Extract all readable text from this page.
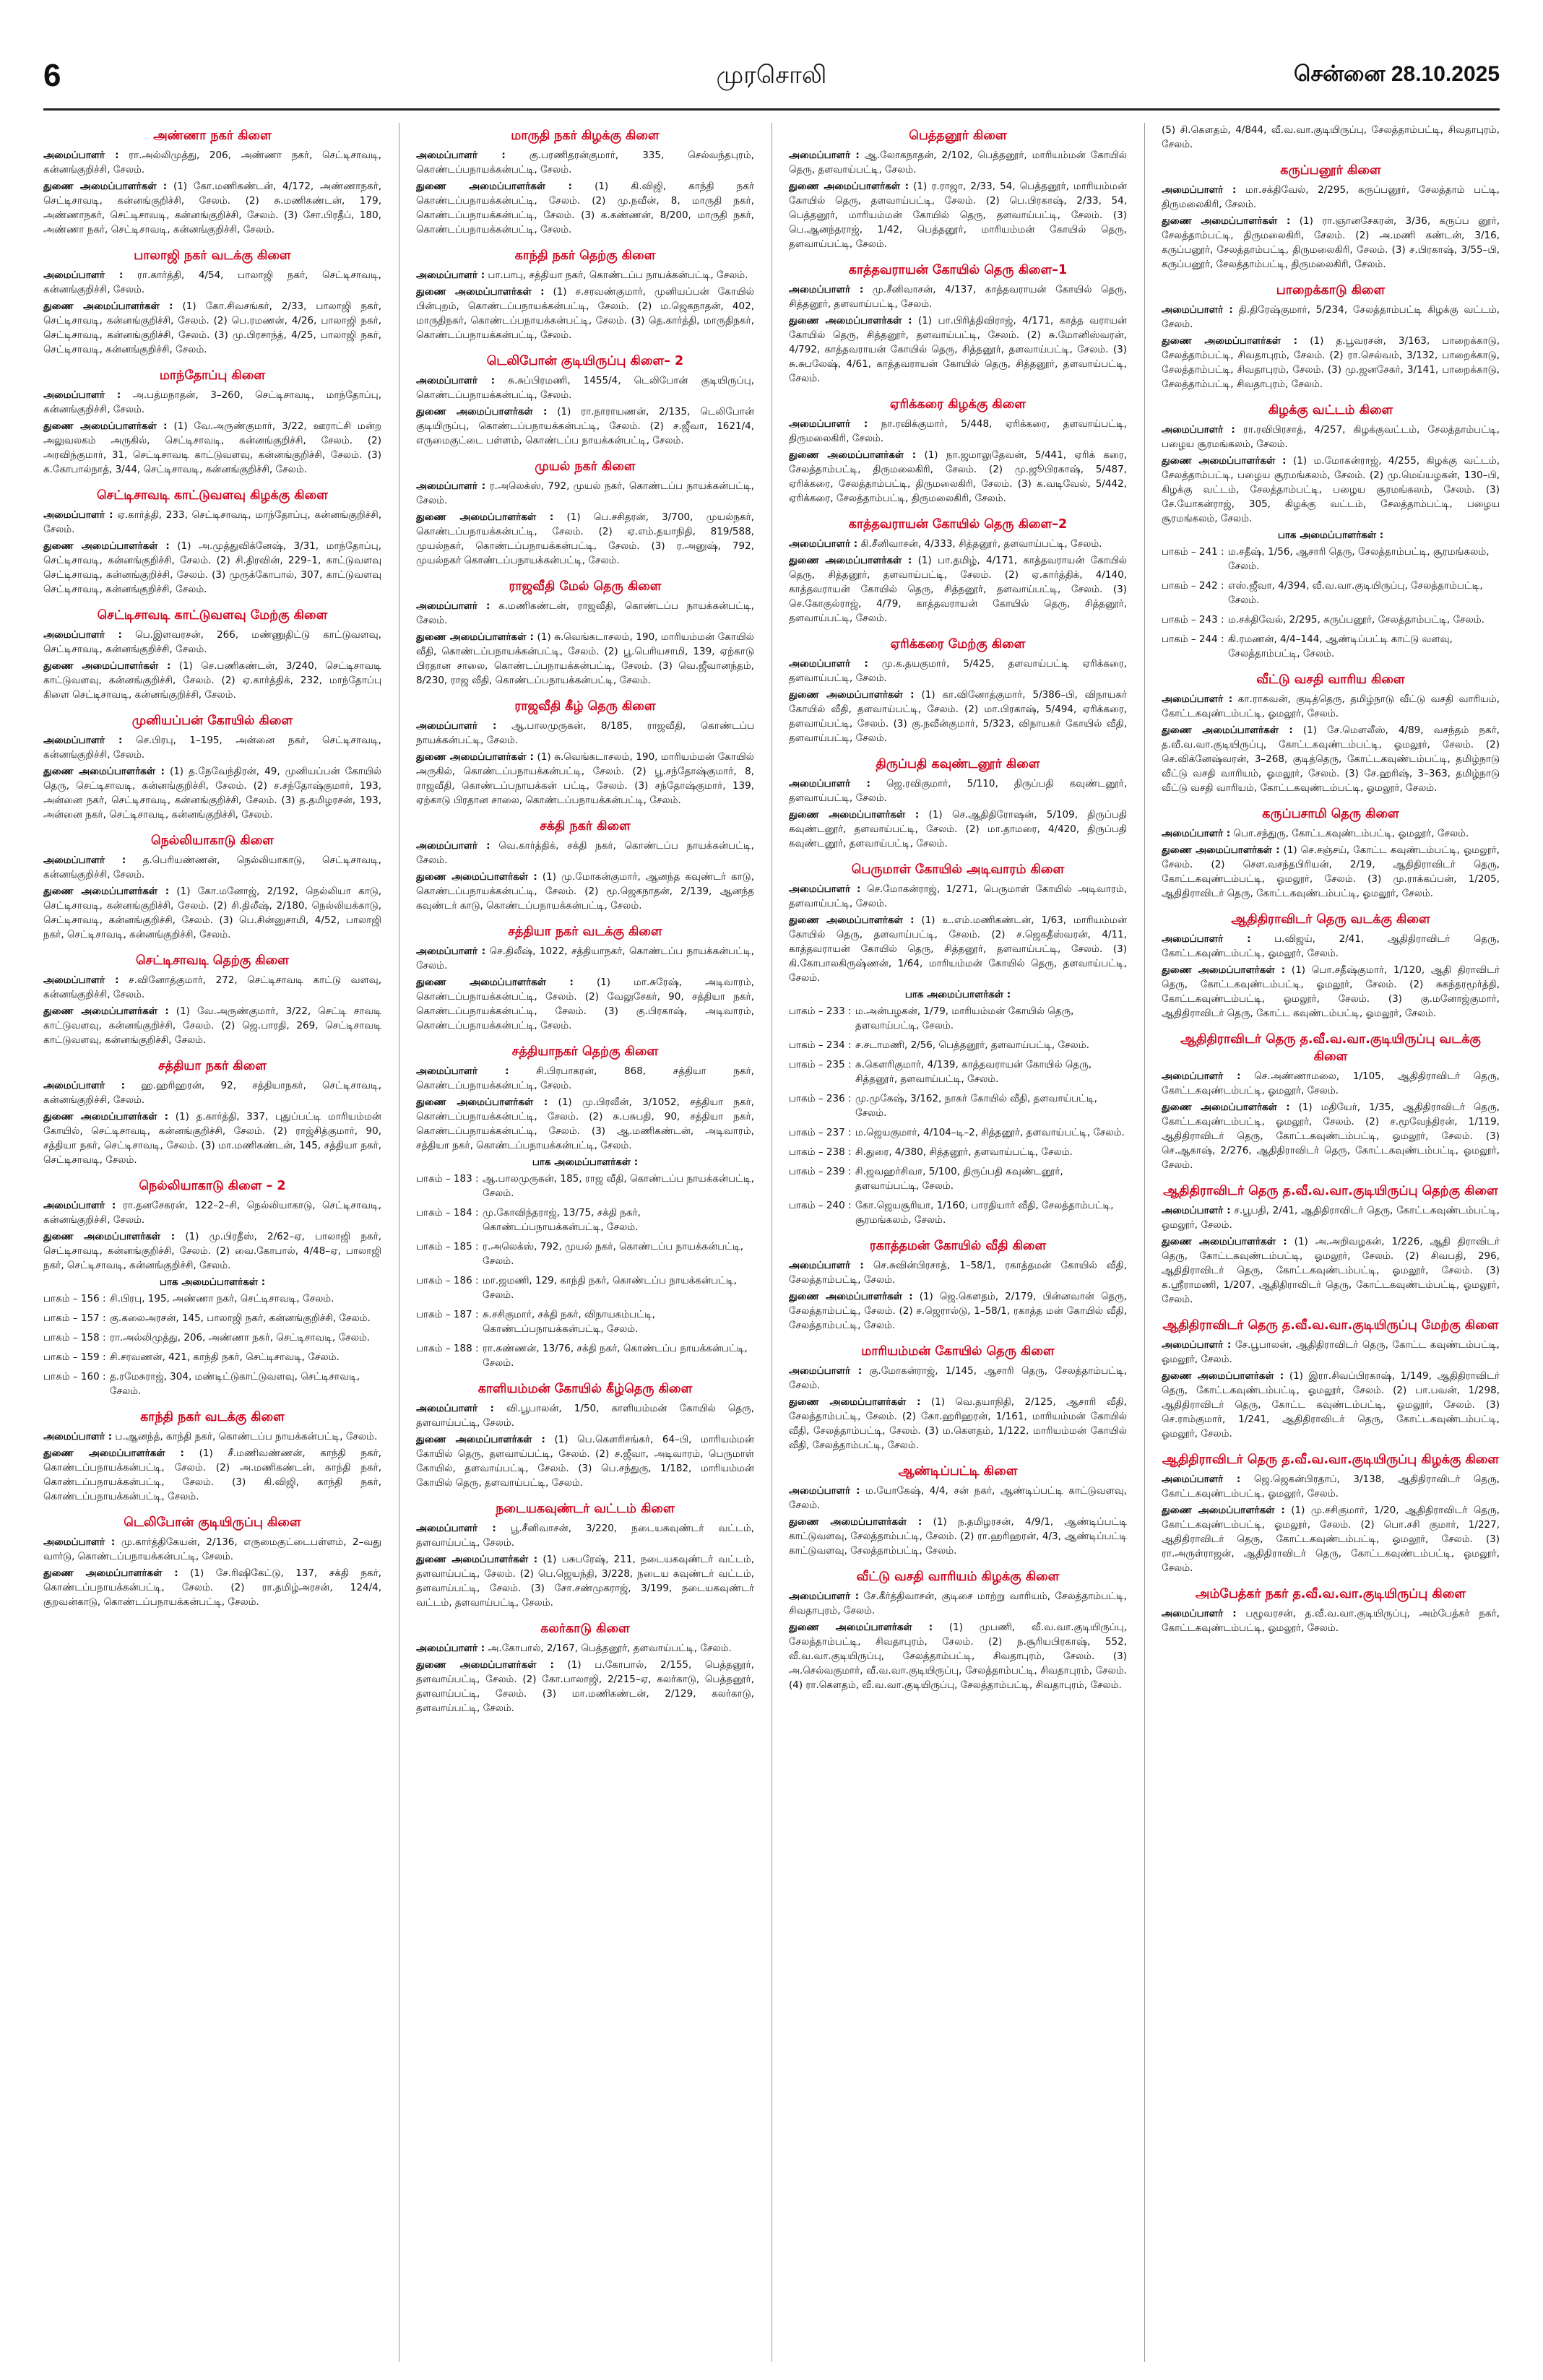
6	முரசொலி	சென்னை 28.10.2025
அண்ணா நகர் கிளை
அமைப்பாளர் : ரா.அல்லிமுத்து, 206, அண்ணா நகர், செட்டிசாவடி, கன்னங்குறிச்சி, சேலம்.
துணை அமைப்பாளர்கள் : (1) கோ.மணிகண்டன், 4/172, அண்ணாநகர், செட்டிசாவடி, கன்னங்குறிச்சி, சேலம். (2) சு.மணிகண்டன், 179, அண்ணாநகர், செட்டிசாவடி, கன்னங்குறிச்சி, சேலம். (3) சோ.பிரதீப், 180, அண்ணா நகர், செட்டிசாவடி, கன்னங்குறிச்சி, சேலம்.
பாலாஜி நகர் வடக்கு கிளை
அமைப்பாளர் : ரா.கார்த்தி, 4/54, பாலாஜி நகர், செட்டிசாவடி, கன்னங்குறிச்சி, சேலம்.
துணை அமைப்பாளர்கள் : (1) கோ.சிவசங்கர், 2/33, பாலாஜி நகர், செட்டிசாவடி, கன்னங்குறிச்சி, சேலம். (2) பெ.ரமணன், 4/26, பாலாஜி நகர், செட்டிசாவடி, கன்னங்குறிச்சி, சேலம். (3) மு.பிரசாந்த், 4/25, பாலாஜி நகர், செட்டிசாவடி, கன்னங்குறிச்சி, சேலம்.
மாந்தோப்பு கிளை
அமைப்பாளர் : அ.பத்மநாதன், 3–260, செட்டிசாவடி, மாந்தோப்பு, கன்னங்குறிச்சி, சேலம்.
துணை அமைப்பாளர்கள் : (1) வே.அருண்குமார், 3/22, ஊராட்சி மன்ற அலுவலகம் அருகில், செட்டிசாவடி, கன்னங்குறிச்சி, சேலம். (2) அரவிந்குமார், 31, செட்டிசாவடி காட்டுவளவு, கன்னங்குறிச்சி, சேலம். (3) க.கோபால்நாத், 3/44, செட்டிசாவடி, கன்னங்குறிச்சி, சேலம்.
செட்டிசாவடி காட்டுவளவு கிழக்கு கிளை
அமைப்பாளர் : ஏ.கார்த்தி, 233, செட்டிசாவடி, மாந்தோப்பு, கன்னங்குறிச்சி, சேலம்.
துணை அமைப்பாளர்கள் : (1) அ.முத்துவிக்னேஷ், 3/31, மாந்தோப்பு, செட்டிசாவடி, கன்னங்குறிச்சி, சேலம். (2) சி.திரவின், 229–1, காட்டுவளவு செட்டிசாவடி, கன்னங்குறிச்சி, சேலம். (3) முருக்கோபால், 307, காட்டுவளவு செட்டிசாவடி, கன்னங்குறிச்சி, சேலம்.
செட்டிசாவடி காட்டுவளவு மேற்கு கிளை
அமைப்பாளர் : பெ.இளவரசன், 266, மண்ணுதிட்டு காட்டுவளவு, செட்டிசாவடி, கன்னங்குறிச்சி, சேலம்.
துணை அமைப்பாளர்கள் : (1) செ.பணிகண்டன், 3/240, செட்டிசாவடி காட்டுவளவு, கன்னங்குறிச்சி, சேலம். (2) ஏ.கார்த்திக், 232, மாந்தோப்பு கிளை செட்டிசாவடி, கன்னங்குறிச்சி, சேலம்.
முனியப்பன் கோயில் கிளை
அமைப்பாளர் : செ.பிரபு, 1–195, அன்னை நகர், செட்டிசாவடி, கன்னங்குறிச்சி, சேலம்.
துணை அமைப்பாளர்கள் : (1) த.நேவேந்திரன், 49, முனியப்பன் கோயில் தெரு, செட்டிசாவடி, கன்னங்குறிச்சி, சேலம். (2) ச.சந்தோஷ்குமார், 193, அன்னை நகர், செட்டிசாவடி, கன்னங்குறிச்சி, சேலம். (3) த.தமிழரசன், 193, அன்னை நகர், செட்டிசாவடி, கன்னங்குறிச்சி, சேலம்.
நெல்லியாகாடு கிளை
அமைப்பாளர் : த.பெரியண்ணன், நெல்லியாகாடு, செட்டிசாவடி, கன்னங்குறிச்சி, சேலம்.
துணை அமைப்பாளர்கள் : (1) கோ.மனோஜ், 2/192, நெல்லியா காடு, செட்டிசாவடி, கன்னங்குறிச்சி, சேலம். (2) சி.திலீஷ், 2/180, நெல்லியக்காடு, செட்டிசாவடி, கன்னங்குறிச்சி, சேலம். (3) பெ.சின்னுசாமி, 4/52, பாலாஜி நகர், செட்டிசாவடி, கன்னங்குறிச்சி, சேலம்.
செட்டிசாவடி தெற்கு கிளை
அமைப்பாளர் : ச.வினோத்குமார், 272, செட்டிசாவடி காட்டு வளவு, கன்னங்குறிச்சி, சேலம்.
துணை அமைப்பாளர்கள் : (1) வே.அருண்குமார், 3/22, செட்டி சாவடி காட்டுவளவு, கன்னங்குறிச்சி, சேலம். (2) ஜெ.பாரதி, 269, செட்டிசாவடி காட்டுவளவு, கன்னங்குறிச்சி, சேலம்.
சத்தியா நகர் கிளை
அமைப்பாளர் : ஹ.ஹரிஹரன், 92, சத்தியாநகர், செட்டிசாவடி, கன்னங்குறிச்சி, சேலம்.
துணை அமைப்பாளர்கள் : (1) த.கார்த்தி, 337, புதுப்பட்டி மாரியம்மன் கோயில், செட்டிசாவடி, கன்னங்குறிச்சி, சேலம். (2) ராஜ்சித்குமார், 90, சத்தியா நகர், செட்டிசாவடி, சேலம். (3) மா.மணிகண்டன், 145, சத்தியா நகர், செட்டிசாவடி, சேலம்.
நெல்லியாகாடு கிளை – 2
அமைப்பாளர் : ரா.தனசேகரன், 122–2–சி, நெல்லியாகாடு, செட்டிசாவடி, கன்னங்குறிச்சி, சேலம்.
துணை அமைப்பாளர்கள் : (1) மு.பிரதீஸ், 2/62–ஏ, பாலாஜி நகர், செட்டிசாவடி, கன்னங்குறிச்சி, சேலம். (2) வை.கோபால், 4/48–ஏ, பாலாஜி நகர், செட்டிசாவடி, கன்னங்குறிச்சி, சேலம்.
பாக அமைப்பாளர்கள் :
பாகம் – 156 : சி.பிரபு, 195, அண்ணா நகர், செட்டிசாவடி, சேலம்.
பாகம் – 157 : கு.கலைஅரசன், 145, பாலாஜி நகர், கன்னங்குறிச்சி, சேலம்.
பாகம் – 158 : ரா.அல்லிமுத்து, 206, அண்ணா நகர், செட்டிசாவடி, சேலம்.
பாகம் – 159 : சி.சரவணன், 421, காந்தி நகர், செட்டிசாவடி, சேலம்.
பாகம் – 160 : த.ரமேசுராஜ், 304, மண்டிட்டுகாட்டுவளவு, செட்டிசாவடி, சேலம்.
காந்தி நகர் வடக்கு கிளை
அமைப்பாளர் : ப.ஆனந்த், காந்தி நகர், கொண்டப்ப நாயக்கன்பட்டி, சேலம்.
துணை அமைப்பாளர்கள் : (1) சீ.மணிவண்ணன், காந்தி நகர், கொண்டப்பநாயக்கன்பட்டி, சேலம். (2) அ.மணிகண்டன், காந்தி நகர், கொண்டப்பநாயக்கன்பட்டி, சேலம். (3) கி.விஜி, காந்தி நகர், கொண்டப்பநாயக்கன்பட்டி, சேலம்.
டெலிபோன் குடியிருப்பு கிளை
அமைப்பாளர் : மு.கார்த்திகேயன், 2/136, எருமைகுட்டைபள்ளம், 2–வது வார்டு, கொண்டப்பநாயக்கன்பட்டி, சேலம்.
துணை அமைப்பாளர்கள் : (1) சே.ரிஷிகேட்டு, 137, சக்தி நகர், கொண்டப்பநாயக்கன்பட்டி, சேலம். (2) ரா.தமிழ்அரசன், 124/4, குறவன்காடு, கொண்டப்பநாயக்கன்பட்டி, சேலம்.
மாருதி நகர் கிழக்கு கிளை
அமைப்பாளர் : கு.பரணிதரன்குமார், 335, செல்வந்தபுரம், கொண்டப்பநாயக்கன்பட்டி, சேலம்.
துணை அமைப்பாளர்கள் : (1) கி.விஜி, காந்தி நகர் கொண்டப்பநாயக்கன்பட்டி, சேலம். (2) மு.நவீன், 8, மாருதி நகர், கொண்டப்பநாயக்கன்பட்டி, சேலம். (3) க.கண்ணன், 8/200, மாருதி நகர், கொண்டப்பநாயக்கன்பட்டி, சேலம்.
காந்தி நகர் தெற்கு கிளை
அமைப்பாளர் : பா.பாபு, சத்தியா நகர், கொண்டப்ப நாயக்கன்பட்டி, சேலம்.
துணை அமைப்பாளர்கள் : (1) ச.சரவண்குமார், முனியப்பன் கோயில் பின்புறம், கொண்டப்பநாயக்கன்பட்டி, சேலம். (2) ம.ஜெகநாதன், 402, மாருதிநகர், கொண்டப்பநாயக்கன்பட்டி, சேலம். (3) தெ.கார்த்தி, மாருதிநகர், கொண்டப்பநாயக்கன்பட்டி, சேலம்.
டெலிபோன் குடியிருப்பு கிளை– 2
அமைப்பாளர் : சு.சுப்பிரமணி, 1455/4, டெலிபோன் குடியிருப்பு, கொண்டப்பநாயக்கன்பட்டி, சேலம்.
துணை அமைப்பாளர்கள் : (1) ரா.நாராயணன், 2/135, டெலிபோன் குடியிருப்பு, கொண்டப்பநாயக்கன்பட்டி, சேலம். (2) ச.ஜீவா, 1621/4, எருமைகுட்டை பள்ளம், கொண்டப்ப நாயக்கன்பட்டி, சேலம்.
முயல் நகர் கிளை
அமைப்பாளர் : ர.அலெக்ஸ், 792, முயல் நகர், கொண்டப்ப நாயக்கன்பட்டி, சேலம்.
துணை அமைப்பாளர்கள் : (1) பெ.சசிதரன், 3/700, முயல்நகர், கொண்டப்பநாயக்கன்பட்டி, சேலம். (2) ஏ.எம்.தயாநிதி, 819/588, முயல்நகர், கொண்டப்பநாயக்கன்பட்டி, சேலம். (3) ர.அனுஷ், 792, முயல்நகர் கொண்டப்பநாயக்கன்பட்டி, சேலம்.
ராஜவீதி மேல் தெரு கிளை
அமைப்பாளர் : க.மணிகண்டன், ராஜவீதி, கொண்டப்ப நாயக்கன்பட்டி, சேலம்.
துணை அமைப்பாளர்கள் : (1) சு.வெங்கடாசலம், 190, மாரியம்மன் கோயில் வீதி, கொண்டப்பநாயக்கன்பட்டி, சேலம். (2) பூ.பெரியசாமி, 139, ஏற்காடு பிரதான சாலை, கொண்டப்பநாயக்கன்பட்டி, சேலம். (3) வெ.ஜீவானந்தம், 8/230, ராஜ வீதி, கொண்டப்பநாயக்கன்பட்டி, சேலம்.
ராஜவீதி கீழ் தெரு கிளை
அமைப்பாளர் : ஆ.பாலமுருகன், 8/185, ராஜவீதி, கொண்டப்ப நாயக்கன்பட்டி, சேலம்.
துணை அமைப்பாளர்கள் : (1) சு.வெங்கடாசலம், 190, மாரியம்மன் கோயில் அருகில், கொண்டப்பநாயக்கன்பட்டி, சேலம். (2) பூ.சந்தோஷ்குமார், 8, ராஜவீதி, கொண்டப்பநாயக்கன் பட்டி, சேலம். (3) சந்தோஷ்குமார், 139, ஏற்காடு பிரதான சாலை, கொண்டப்பநாயக்கன்பட்டி, சேலம்.
சக்தி நகர் கிளை
அமைப்பாளர் : வெ.கார்த்திக், சக்தி நகர், கொண்டப்ப நாயக்கன்பட்டி, சேலம்.
துணை அமைப்பாளர்கள் : (1) மு.மோகன்குமார், ஆனந்த கவுண்டர் காடு, கொண்டப்பநாயக்கன்பட்டி, சேலம். (2) மூ.ஜெகநாதன், 2/139, ஆனந்த கவுண்டர் காடு, கொண்டப்பநாயக்கன்பட்டி, சேலம்.
சத்தியா நகர் வடக்கு கிளை
அமைப்பாளர் : செ.திலீஷ், 1022, சத்தியாநகர், கொண்டப்ப நாயக்கன்பட்டி, சேலம்.
துணை அமைப்பாளர்கள் : (1) மா.சுரேஷ், அடிவாரம், கொண்டப்பநாயக்கன்பட்டி, சேலம். (2) வேலுசேகர், 90, சத்தியா நகர், கொண்டப்பநாயக்கன்பட்டி, சேலம். (3) கு.பிரகாஷ், அடிவாரம், கொண்டப்பநாயக்கன்பட்டி, சேலம்.
சத்தியாநகர் தெற்கு கிளை
அமைப்பாளர் :	சி.பிரபாகரன், 868, சத்தியா நகர், கொண்டப்பநாயக்கன்பட்டி, சேலம்.
துணை அமைப்பாளர்கள் : (1) மு.பிரவீன், 3/1052, சத்தியா நகர், கொண்டப்பநாயக்கன்பட்டி, சேலம். (2) சு.பசுபதி, 90, சத்தியா நகர், கொண்டப்பநாயக்கன்பட்டி, சேலம். (3) ஆ.மணிகண்டன், அடிவாரம், சத்தியா நகர், கொண்டப்பநாயக்கன்பட்டி, சேலம்.
பாக அமைப்பாளர்கள் :
பாகம் – 183 : ஆ.பாலமுருகன், 185, ராஜ வீதி, கொண்டப்ப நாயக்கன்பட்டி, சேலம்.
பாகம் – 184 : மு.கோவிந்தராஜ், 13/75, சக்தி நகர், கொண்டப்பநாயக்கன்பட்டி, சேலம்.
பாகம் – 185 : ர.அலெக்ஸ், 792, முயல் நகர், கொண்டப்ப நாயக்கன்பட்டி, சேலம்.
பாகம் – 186 : மா.ஜமணி, 129, காந்தி நகர், கொண்டப்ப நாயக்கன்பட்டி, சேலம்.
பாகம் – 187 : சு.சசிகுமார், சக்தி நகர், விநாயகம்பட்டி, கொண்டப்பநாயக்கன்பட்டி, சேலம்.
பாகம் – 188 : ரா.கண்ணன், 13/76, சக்தி நகர், கொண்டப்ப நாயக்கன்பட்டி, சேலம்.
காளியம்மன் கோயில் கீழ்தெரு கிளை
அமைப்பாளர் : வி.பூபாலன், 1/50, காளியம்மன் கோயில் தெரு, தளவாய்பட்டி, சேலம்.
துணை அமைப்பாளர்கள் : (1) பெ.கௌரிசங்கர், 64–பி, மாரியம்மன் கோயில் தெரு, தளவாய்பட்டி, சேலம். (2) ச.ஜீவா, அடிவாரம், பெருமாள் கோயில், தளவாய்பட்டி, சேலம். (3) பெ.சந்துரு, 1/182, மாரியம்மன் கோயில் தெரு, தளவாய்பட்டி, சேலம்.
நடையகவுண்டர் வட்டம் கிளை
அமைப்பாளர் : பூ.சீனிவாசன், 3/220, நடையகவுண்டர் வட்டம், தளவாய்பட்டி, சேலம்.
துணை அமைப்பாளர்கள் : (1) பசுபரேஷ், 211, நடையகவுண்டர் வட்டம், தளவாய்பட்டி, சேலம். (2) பெ.ஜெயந்தி, 3/228, நடைய கவுண்டர் வட்டம், தளவாய்பட்டி, சேலம். (3) சோ.சண்முகராஜ், 3/199, நடையகவுண்டர் வட்டம், தளவாய்பட்டி, சேலம்.
கலர்காடு கிளை
அமைப்பாளர் : அ.கோபால், 2/167, பெத்தனூர், தளவாய்பட்டி, சேலம்.
துணை அமைப்பாளர்கள் : (1) ப.கோபால், 2/155, பெத்தனூர், தளவாய்பட்டி, சேலம். (2) கோ.பாலாஜி, 2/215–ஏ, கலர்காடு, பெத்தனூர், தளவாய்பட்டி, சேலம். (3) மா.மணிகண்டன், 2/129, கலர்காடு, தளவாய்பட்டி, சேலம்.
பெத்தனூர் கிளை
அமைப்பாளர் : ஆ.லோகநாதன், 2/102, பெத்தனூர், மாரியம்மன் கோயில் தெரு, தளவாய்பட்டி, சேலம்.
துணை அமைப்பாளர்கள் : (1) ர.ராஜா, 2/33, 54, பெத்தனூர், மாரியம்மன் கோயில் தெரு, தளவாய்பட்டி, சேலம். (2) பெ.பிரகாஷ், 2/33, 54, பெத்தனூர், மாரியம்மன் கோயில் தெரு, தளவாய்பட்டி, சேலம். (3) பெ.ஆனந்தராஜ், 1/42, பெத்தனூர், மாரியம்மன் கோயில் தெரு, தளவாய்பட்டி, சேலம்.
காத்தவராயன் கோயில் தெரு கிளை–1
அமைப்பாளர் : மு.சீனிவாசன், 4/137, காத்தவராயன் கோயில் தெரு, சித்தனூர், தளவாய்பட்டி, சேலம்.
துணை அமைப்பாளர்கள் : (1) பா.பிரித்திவிராஜ், 4/171, காத்த வராயன் கோயில் தெரு, சித்தனூர், தளவாய்பட்டி, சேலம். (2) சு.மோனிஸ்வரன், 4/792, காத்தவராயன் கோயில் தெரு, சித்தனூர், தளவாய்பட்டி, சேலம். (3) சு.சுபலேஷ், 4/61, காத்தவராயன் கோயில் தெரு, சித்தனூர், தளவாய்பட்டி, சேலம்.
ஏரிக்கரை கிழக்கு கிளை
அமைப்பாளர் : நா.ரவிக்குமார், 5/448, ஏரிக்கரை, தளவாய்பட்டி, திருமலைகிரி, சேலம்.
துணை அமைப்பாளர்கள் : (1) நா.ஜமாலுதேவன், 5/441, ஏரிக் கரை, சேலத்தாம்பட்டி, திருமலைகிரி, சேலம். (2) மு.ஜூபிரகாஷ், 5/487, ஏரிக்கரை, சேலத்தாம்பட்டி, திருமலைகிரி, சேலம். (3) க.வடிவேல், 5/442, ஏரிக்கரை, சேலத்தாம்பட்டி, திருமலைகிரி, சேலம்.
காத்தவராயன் கோயில் தெரு கிளை–2
அமைப்பாளர் : கி.சீனிவாசன், 4/333, சித்தனூர், தளவாய்பட்டி, சேலம்.
துணை அமைப்பாளர்கள் : (1) பா.தமிழ், 4/171, காத்தவராயன் கோயில் தெரு, சித்தனூர், தளவாய்பட்டி, சேலம். (2) ஏ.கார்த்திக், 4/140, காத்தவராயன் கோயில் தெரு, சித்தனூர், தளவாய்பட்டி, சேலம். (3) செ.கோகுல்ராஜ், 4/79, காத்தவராயன் கோயில் தெரு, சித்தனூர், தளவாய்பட்டி, சேலம்.
ஏரிக்கரை மேற்கு கிளை
அமைப்பாளர் : மு.க.தயகுமார், 5/425, தளவாய்பட்டி ஏரிக்கரை, தளவாய்பட்டி, சேலம்.
துணை அமைப்பாளர்கள் : (1) கா.வினோத்குமார், 5/386–பி, விநாயகர் கோயில் வீதி, தளவாய்பட்டி, சேலம். (2) மா.பிரகாஷ், 5/494, ஏரிக்கரை, தளவாய்பட்டி, சேலம். (3) கு.நவீன்குமார், 5/323, விநாயகர் கோயில் வீதி, தளவாய்பட்டி, சேலம்.
திருப்பதி கவுண்டனூர் கிளை
அமைப்பாளர் : ஜெ.ரவிகுமார், 5/110, திருப்பதி கவுண்டனூர், தளவாய்பட்டி, சேலம்.
துணை அமைப்பாளர்கள் : (1) செ.ஆதிதிரோஷன், 5/109, திருப்பதி கவுண்டனூர், தளவாய்பட்டி, சேலம். (2) மா.தாமரை, 4/420, திருப்பதி கவுண்டனூர், தளவாய்பட்டி, சேலம்.
பெருமாள் கோயில் அடிவாரம் கிளை
அமைப்பாளர் : செ.மோகன்ராஜ், 1/271, பெருமாள் கோயில் அடிவாரம், தளவாய்பட்டி, சேலம்.
துணை அமைப்பாளர்கள் : (1) உ.எம்.மணிகண்டன், 1/63, மாரியம்மன் கோயில் தெரு, தளவாய்பட்டி, சேலம். (2) ச.ஜெகதீஸ்வரன், 4/11, காத்தவராயன் கோயில் தெரு, சித்தனூர், தளவாய்பட்டி, சேலம். (3) கி.கோபாலகிருஷ்ணன், 1/64, மாரியம்மன் கோயில் தெரு, தளவாய்பட்டி, சேலம்.
பாக அமைப்பாளர்கள் :
பாகம் – 233 : ம.அன்பழகன், 1/79, மாரியம்மன் கோயில் தெரு, தளவாய்பட்டி, சேலம்.
பாகம் – 234 : ச.சடாமணி, 2/56, பெத்தனூர், தளவாய்பட்டி, சேலம்.
பாகம் – 235 : சு.கௌரிகுமார், 4/139, காத்தவராயன் கோயில் தெரு, சித்தனூர், தளவாய்பட்டி, சேலம்.
பாகம் – 236 : மு.முகேஷ், 3/162, நாகர் கோயில் வீதி, தளவாய்பட்டி, சேலம்.
பாகம் – 237 : ம.ஜெயகுமார், 4/104–டி–2, சித்தனூர், தளவாய்பட்டி, சேலம்.
பாகம் – 238 : சி.துரை, 4/380, சித்தனூர், தளவாய்பட்டி, சேலம்.
பாகம் – 239 : சி.ஜவஹர்சிவா, 5/100, திருப்பதி கவுண்டனூர், தளவாய்பட்டி, சேலம்.
பாகம் – 240 : கோ.ஜெயசூரியா, 1/160, பாரதியார் வீதி, சேலத்தாம்பட்டி, சூரமங்கலம், சேலம்.
ரகாத்தமன் கோயில் வீதி கிளை
அமைப்பாளர் : செ.சுவின்பிரசாத், 1–58/1, ரகாத்தமன் கோயில் வீதி, சேலத்தாம்பட்டி, சேலம்.
துணை அமைப்பாளர்கள் : (1) ஜெ.கௌதம், 2/179, பின்னவான் தெரு, சேலத்தாம்பட்டி, சேலம். (2) ச.ஜெரால்டு, 1–58/1, ரகாத்த மன் கோயில் வீதி, சேலத்தாம்பட்டி, சேலம்.
மாரியம்மன் கோயில் தெரு கிளை
அமைப்பாளர் : கு.மோகன்ராஜ், 1/145, ஆசாரி தெரு, சேலத்தாம்பட்டி, சேலம்.
துணை அமைப்பாளர்கள் : (1) வெ.தயாநிதி, 2/125, ஆசாரி வீதி, சேலத்தாம்பட்டி, சேலம். (2) கோ.ஹரிஹரன், 1/161, மாரியம்மன் கோயில் வீதி, சேலத்தாம்பட்டி, சேலம். (3) ம.கௌதம், 1/122, மாரியம்மன் கோயில் வீதி, சேலத்தாம்பட்டி, சேலம்.
ஆண்டிப்பட்டி கிளை
அமைப்பாளர் : ம.யோகேஷ், 4/4, சன் நகர், ஆண்டிப்பட்டி காட்டுவளவு, சேலம்.
துணை அமைப்பாளர்கள் : (1) ந.தமிழரசன், 4/9/1, ஆண்டிப்பட்டி காட்டுவளவு, சேலத்தாம்பட்டி, சேலம். (2) ரா.ஹரிஹரன், 4/3, ஆண்டிப்பட்டி காட்டுவளவு, சேலத்தாம்பட்டி, சேலம்.
வீட்டு வசதி வாரியம் கிழக்கு கிளை
அமைப்பாளர் : சே.கீர்த்திவாசன், குடிசை மாற்று வாரியம், சேலத்தாம்பட்டி, சிவதாபுரம், சேலம்.
துணை அமைப்பாளர்கள் : (1) முபணி, வீ.வ.வா.குடியிருப்பு, சேலத்தாம்பட்டி, சிவதாபுரம், சேலம். (2) ந.சூரியபிரகாஷ், 552, வீ.வ.வா.குடியிருப்பு, சேலத்தாம்பட்டி, சிவதாபுரம், சேலம். (3) அ.செல்வகுமார், வீ.வ.வா.குடியிருப்பு, சேலத்தாம்பட்டி, சிவதாபுரம், சேலம். (4) ரா.கௌதம், வீ.வ.வா.குடியிருப்பு, சேலத்தாம்பட்டி, சிவதாபுரம், சேலம்.
(5) சி.கௌதம், 4/844, வீ.வ.வா.குடியிருப்பு, சேலத்தாம்பட்டி, சிவதாபுரம், சேலம்.
கருப்பனூர் கிளை
அமைப்பாளர் : மா.சக்திவேல், 2/295, கருப்பனூர், சேலத்தாம் பட்டி, திருமலைகிரி, சேலம்.
துணை அமைப்பாளர்கள் : (1) ரா.ஞானசேகரன், 3/36, கருப்ப னூர், சேலத்தாம்பட்டி, திருமலைகிரி, சேலம். (2) அ.மணி கண்டன், 3/16, கருப்பனூர், சேலத்தாம்பட்டி, திருமலைகிரி, சேலம். (3) ச.பிரகாஷ், 3/55–பி, கருப்பனூர், சேலத்தாம்பட்டி, திருமலைகிரி, சேலம்.
பாறைக்காடு கிளை
அமைப்பாளர் : தி.திரேஷ்குமார், 5/234, சேலத்தாம்பட்டி கிழக்கு வட்டம், சேலம்.
துணை அமைப்பாளர்கள் : (1) த.பூவரசன், 3/163, பாறைக்காடு, சேலத்தாம்பட்டி, சிவதாபுரம், சேலம். (2) ரா.செல்வம், 3/132, பாறைக்காடு, சேலத்தாம்பட்டி, சிவதாபுரம், சேலம். (3) மு.ஜனசேகர், 3/141, பாறைக்காடு, சேலத்தாம்பட்டி, சிவதாபுரம், சேலம்.
கிழக்கு வட்டம் கிளை
அமைப்பாளர் : ரா.ரவிபிரசாத், 4/257, கிழக்குவட்டம், சேலத்தாம்பட்டி, பழைய சூரமங்கலம், சேலம்.
துணை அமைப்பாளர்கள் : (1) ம.மோகன்ராஜ், 4/255, கிழக்கு வட்டம், சேலத்தாம்பட்டி, பழைய சூரமங்கலம், சேலம். (2) மு.மெய்யழகன், 130–பி, கிழக்கு வட்டம், சேலத்தாம்பட்டி, பழைய சூரமங்கலம், சேலம். (3) சே.யோகன்ராஜ், 305, கிழக்கு வட்டம், சேலத்தாம்பட்டி, பழைய சூரமங்கலம், சேலம்.
பாக அமைப்பாளர்கள் :
பாகம் – 241 : ம.சதீஷ், 1/56, ஆசாரி தெரு, சேலத்தாம்பட்டி, சூரமங்கலம், சேலம்.
பாகம் – 242 : எஸ்.ஜீவா, 4/394, வீ.வ.வா.குடியிருப்பு, சேலத்தாம்பட்டி, சேலம்.
பாகம் – 243 : ம.சக்திவேல், 2/295, கருப்பனூர், சேலத்தாம்பட்டி, சேலம்.
பாகம் – 244 : கி.ரமணன், 4/4–144, ஆண்டிப்பட்டி காட்டு வளவு, சேலத்தாம்பட்டி, சேலம்.
வீட்டு வசதி வாரிய கிளை
அமைப்பாளர் : கா.ராகவன், குடித்தெரு, தமிழ்நாடு வீட்டு வசதி வாரியம், கோட்டகவுண்டம்பட்டி, ஓமலூர், சேலம்.
துணை அமைப்பாளர்கள் : (1) சே.மௌலீஸ், 4/89, வசந்தம் நகர், த.வீ.வ.வா.குடியிருப்பு, கோட்டகவுண்டம்பட்டி, ஓமலூர், சேலம். (2) செ.விக்னேஷ்வரன், 3–268, குடித்தெரு, கோட்டகவுண்டம்பட்டி, தமிழ்நாடு வீட்டு வசதி வாரியம், ஓமலூர், சேலம். (3) சே.ஹரிஷ், 3–363, தமிழ்நாடு வீட்டு வசதி வாரியம், கோட்டகவுண்டம்பட்டி, ஓமலூர், சேலம்.
கருப்பசாமி தெரு கிளை
அமைப்பாளர் : பொ.சந்துரு, கோட்டகவுண்டம்பட்டி, ஓமலூர், சேலம்.
துணை அமைப்பாளர்கள் : (1) செ.சஞ்சய், கோட்ட கவுண்டம்பட்டி, ஓமலூர், சேலம். (2) செள.வசந்தபிரியன், 2/19, ஆதிதிராவிடர் தெரு, கோட்டகவுண்டம்பட்டி, ஓமலூர், சேலம். (3) மு.ராக்கப்பன், 1/205, ஆதிதிராவிடர் தெரு, கோட்டகவுண்டம்பட்டி, ஓமலூர், சேலம்.
ஆதிதிராவிடர் தெரு வடக்கு கிளை
அமைப்பாளர் : ப.விஜய், 2/41, ஆதிதிராவிடர் தெரு, கோட்டகவுண்டம்பட்டி, ஓமலூர், சேலம்.
துணை அமைப்பாளர்கள் : (1) பொ.சதீஷ்குமார், 1/120, ஆதி திராவிடர் தெரு, கோட்டகவுண்டம்பட்டி, ஓமலூர், சேலம். (2) சுகந்தரமூர்த்தி, கோட்டகவுண்டம்பட்டி, ஓமலூர், சேலம். (3) கு.மனோஜ்குமார், ஆதிதிராவிடர் தெரு, கோட்ட கவுண்டம்பட்டி, ஓமலூர், சேலம்.
ஆதிதிராவிடர் தெரு த.வீ.வ.வா.குடியிருப்பு வடக்கு கிளை
அமைப்பாளர் : செ.அண்ணாமலை, 1/105, ஆதிதிராவிடர் தெரு, கோட்டகவுண்டம்பட்டி, ஓமலூர், சேலம்.
துணை அமைப்பாளர்கள் : (1) மதியேர், 1/35, ஆதிதிராவிடர் தெரு, கோட்டகவுண்டம்பட்டி, ஓமலூர், சேலம். (2) ச.மூவேந்திரன், 1/119, ஆதிதிராவிடர் தெரு, கோட்டகவுண்டம்பட்டி, ஓமலூர், சேலம். (3) செ.ஆகாஷ், 2/276, ஆதிதிராவிடர் தெரு, கோட்டகவுண்டம்பட்டி, ஓமலூர், சேலம்.
ஆதிதிராவிடர் தெரு த.வீ.வ.வா.குடியிருப்பு தெற்கு கிளை
அமைப்பாளர் : ச.பூபதி, 2/41, ஆதிதிராவிடர் தெரு, கோட்டகவுண்டம்பட்டி, ஓமலூர், சேலம்.
துணை அமைப்பாளர்கள் : (1) அ.அறிவழகன், 1/226, ஆதி திராவிடர் தெரு, கோட்டகவுண்டம்பட்டி, ஓமலூர், சேலம். (2) சிவபதி, 296, ஆதிதிராவிடர் தெரு, கோட்டகவுண்டம்பட்டி, ஓமலூர், சேலம். (3) க.ஸ்ரீராமணி, 1/207, ஆதிதிராவிடர் தெரு, கோட்டகவுண்டம்பட்டி, ஓமலூர், சேலம்.
ஆதிதிராவிடர் தெரு த.வீ.வ.வா.குடியிருப்பு மேற்கு கிளை
அமைப்பாளர் : சே.பூபாலன், ஆதிதிராவிடர் தெரு, கோட்ட கவுண்டம்பட்டி, ஓமலூர், சேலம்.
துணை அமைப்பாளர்கள் : (1) இரா.சிவப்பிரகாஷ், 1/149, ஆதிதிராவிடர் தெரு, கோட்டகவுண்டம்பட்டி, ஓமலூர், சேலம். (2) பா.பவன், 1/298, ஆதிதிராவிடர் தெரு, கோட்ட கவுண்டம்பட்டி, ஓமலூர், சேலம். (3) செ.ராம்குமார், 1/241, ஆதிதிராவிடர் தெரு, கோட்டகவுண்டம்பட்டி, ஓமலூர், சேலம்.
ஆதிதிராவிடர் தெரு த.வீ.வ.வா.குடியிருப்பு கிழக்கு கிளை
அமைப்பாளர் : ஜெ.ஜெகன்பிரதாப், 3/138, ஆதிதிராவிடர் தெரு, கோட்டகவுண்டம்பட்டி, ஓமலூர், சேலம்.
துணை அமைப்பாளர்கள் : (1) மு.சசிகுமார், 1/20, ஆதிதிராவிடர் தெரு, கோட்டகவுண்டம்பட்டி, ஓமலூர், சேலம். (2) பொ.சசி குமார், 1/227, ஆதிதிராவிடர் தெரு, கோட்டகவுண்டம்பட்டி, ஓமலூர், சேலம். (3) ரா.அருள்ராஜன், ஆதிதிராவிடர் தெரு, கோட்டகவுண்டம்பட்டி, ஓமலூர், சேலம்.
அம்பேத்கர் நகர் த.வீ.வ.வா.குடியிருப்பு கிளை
அமைப்பாளர் : பழூவரசன், த.வீ.வ.வா.குடியிருப்பு, அம்பேத்கர் நகர், கோட்டகவுண்டம்பட்டி, ஓமலூர், சேலம்.
